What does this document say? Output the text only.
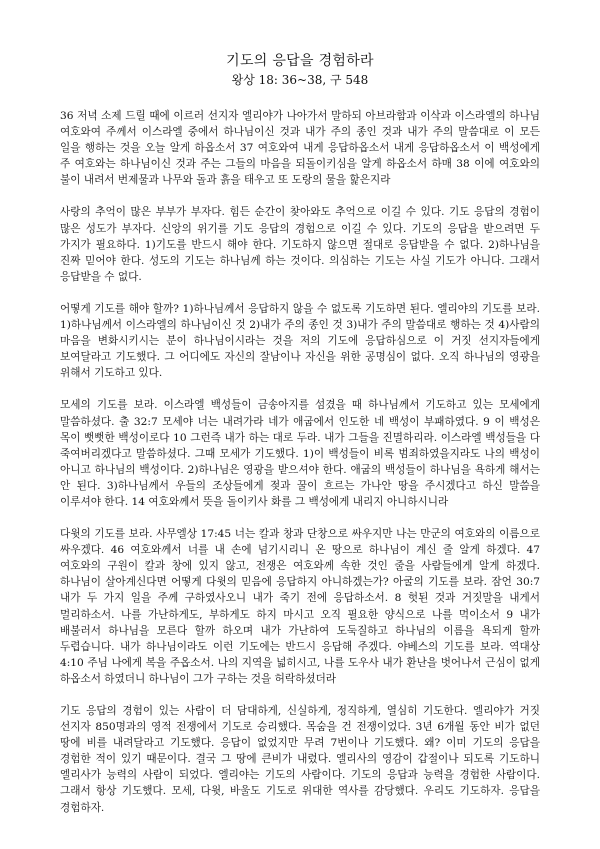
기도의 응답을 경험하라
왕상 18: 36~38, 구 548

36 저녁 소제 드릴 때에 이르러 선지자 엘리야가 나아가서 말하되 아브라함과 이삭과 이스라엘의 하나님 여호와여 주께서 이스라엘 중에서 하나님이신 것과 내가 주의 종인 것과 내가 주의 말씀대로 이 모든 일을 행하는 것을 오늘 알게 하옵소서 37 여호와여 내게 응답하옵소서 내게 응답하옵소서 이 백성에게 주 여호와는 하나님이신 것과 주는 그들의 마음을 되돌이키심을 알게 하옵소서 하매 38 이에 여호와의 불이 내려서 번제물과 나무와 돌과 흙을 태우고 또 도랑의 물을 핥은지라

사랑의 추억이 많은 부부가 부자다. 힘든 순간이 찾아와도 추억으로 이길 수 있다. 기도 응답의 경험이 많은 성도가 부자다. 신앙의 위기를 기도 응답의 경험으로 이길 수 있다. 기도의 응답을 받으려면 두 가지가 필요하다. 1)기도를 반드시 해야 한다. 기도하지 않으면 절대로 응답받을 수 없다. 2)하나님을 진짜 믿어야 한다. 성도의 기도는 하나님께 하는 것이다. 의심하는 기도는 사실 기도가 아니다. 그래서 응답받을 수 없다.

어떻게 기도를 해야 할까? 1)하나님께서 응답하지 않을 수 없도록 기도하면 된다. 엘리야의 기도를 보라. 1)하나님께서 이스라엘의 하나님이신 것 2)내가 주의 종인 것 3)내가 주의 말씀대로 행하는 것 4)사람의 마음을 변화시키시는 분이 하나님이시라는 것을 저의 기도에 응답하심으로 이 거짓 선지자들에게 보여달라고 기도했다. 그 어디에도 자신의 잘남이나 자신을 위한 공명심이 없다. 오직 하나님의 영광을 위해서 기도하고 있다.

모세의 기도를 보라. 이스라엘 백성들이 금송아지를 섬겼을 때 하나님께서 기도하고 있는 모세에게 말씀하셨다. 출 32:7 모세야 너는 내려가라 네가 애굽에서 인도한 네 백성이 부패하였다. 9 이 백성은 목이 뻣뻣한 백성이로다 10 그런즉 내가 하는 대로 두라. 내가 그들을 진멸하리라. 이스라엘 백성들을 다 죽여버리겠다고 말씀하셨다. 그때 모세가 기도했다. 1)이 백성들이 비록 범죄하였을지라도 나의 백성이 아니고 하나님의 백성이다. 2)하나님은 영광을 받으셔야 한다. 애굽의 백성들이 하나님을 욕하게 해서는 안 된다. 3)하나님께서 우들의 조상들에게 젖과 꿀이 흐르는 가나안 땅을 주시겠다고 하신 말씀을 이루셔야 한다. 14 여호와께서 뜻을 돌이키사 화를 그 백성에게 내리지 아니하시니라

다윗의 기도를 보라. 사무엘상 17:45 너는 칼과 창과 단창으로 싸우지만 나는 만군의 여호와의 이름으로 싸우겠다. 46 여호와께서 너를 내 손에 넘기시리니 온 땅으로 하나님이 계신 줄 알게 하겠다. 47 여호와의 구원이 칼과 창에 있지 않고, 전쟁은 여호와께 속한 것인 줄을 사람들에게 알게 하겠다. 하나님이 살아계신다면 어떻게 다윗의 믿음에 응답하지 아니하겠는가? 아굴의 기도를 보라. 잠언 30:7 내가 두 가지 일을 주께 구하였사오니 내가 죽기 전에 응답하소서. 8 헛된 것과 거짓말을 내게서 멀리하소서. 나를 가난하게도, 부하게도 하지 마시고 오직 필요한 양식으로 나를 먹이소서 9 내가 배불러서 하나님을 모른다 할까 하오며 내가 가난하여 도둑질하고 하나님의 이름을 욕되게 할까 두렵습니다. 내가 하나님이라도 이런 기도에는 반드시 응답해 주겠다. 야베스의 기도를 보라. 역대상 4:10 주님 나에게 복을 주옵소서. 나의 지역을 넓히시고, 나를 도우사 내가 환난을 벗어나서 근심이 없게 하옵소서 하였더니 하나님이 그가 구하는 것을 허락하셨더라

기도 응답의 경험이 있는 사람이 더 담대하게, 신실하게, 정직하게, 열심히 기도한다. 엘리야가 거짓 선지자 850명과의 영적 전쟁에서 기도로 승리했다. 목숨을 건 전쟁이었다. 3년 6개월 동안 비가 없던 땅에 비를 내려달라고 기도했다. 응답이 없었지만 무려 7번이나 기도했다. 왜? 이미 기도의 응답을 경험한 적이 있기 때문이다. 결국 그 땅에 큰비가 내렸다. 엘리사의 영감이 갑절이나 되도록 기도하니 엘리사가 능력의 사람이 되었다. 엘리야는 기도의 사람이다. 기도의 응답과 능력을 경험한 사람이다. 그래서 항상 기도했다. 모세, 다윗, 바울도 기도로 위대한 역사를 감당했다. 우리도 기도하자. 응답을 경험하자.
